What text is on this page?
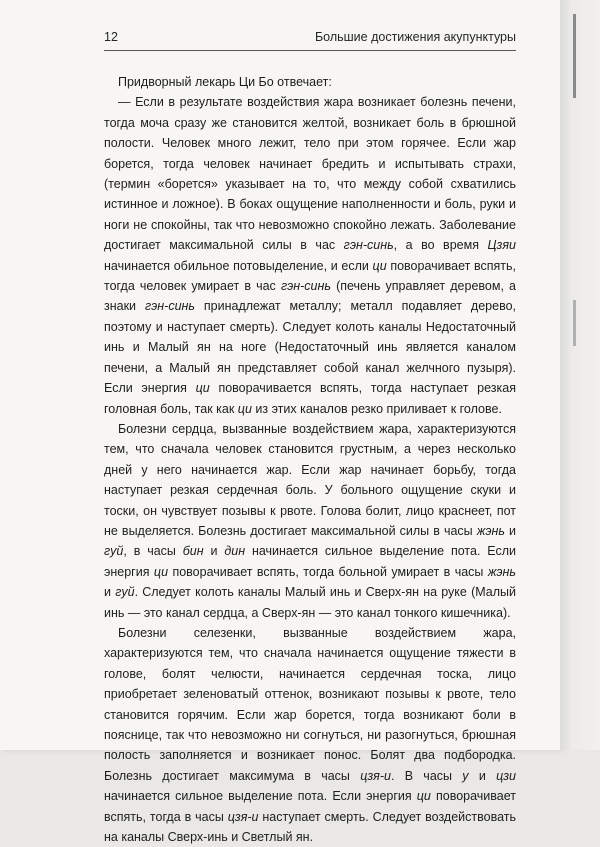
12	Большие достижения акупунктуры

Придворный лекарь Ци Бо отвечает:

— Если в результате воздействия жара возникает болезнь печени, тогда моча сразу же становится желтой, возникает боль в брюшной полости. Человек много лежит, тело при этом горячее. Если жар борется, тогда человек начинает бредить и испытывать страхи, (термин «борется» указывает на то, что между собой схватились истинное и ложное). В боках ощущение наполненности и боль, руки и ноги не спокойны, так что невозможно спокойно лежать. Заболевание достигает максимальной силы в час гэн-синь, а во время Цзяи начинается обильное потовыделение, и если ци поворачивает вспять, тогда человек умирает в час гэн-синь (печень управляет деревом, а знаки гэн-синь принадлежат металлу; металл подавляет дерево, поэтому и наступает смерть). Следует колоть каналы Недостаточный инь и Малый ян на ноге (Недостаточный инь является каналом печени, а Малый ян представляет собой канал желчного пузыря). Если энергия ци поворачивается вспять, тогда наступает резкая головная боль, так как ци из этих каналов резко приливает к голове.

Болезни сердца, вызванные воздействием жара, характеризуются тем, что сначала человек становится грустным, а через несколько дней у него начинается жар. Если жар начинает борьбу, тогда наступает резкая сердечная боль. У больного ощущение скуки и тоски, он чувствует позывы к рвоте. Голова болит, лицо краснеет, пот не выделяется. Болезнь достигает максимальной силы в часы жэнь и гуй, в часы бин и дин начинается сильное выделение пота. Если энергия ци поворачивает вспять, тогда больной умирает в часы жэнь и гуй. Следует колоть каналы Малый инь и Сверх-ян на руке (Малый инь — это канал сердца, а Сверх-ян — это канал тонкого кишечника).

Болезни селезенки, вызванные воздействием жара, характеризуются тем, что сначала начинается ощущение тяжести в голове, болят челюсти, начинается сердечная тоска, лицо приобретает зеленоватый оттенок, возникают позывы к рвоте, тело становится горячим. Если жар борется, тогда возникают боли в пояснице, так что невозможно ни согнуться, ни разогнуться, брюшная полость заполняется и возникает понос. Болят два подбородка. Болезнь достигает максимума в часы цзя-и. В часы у и цзи начинается сильное выделение пота. Если энергия ци поворачивает вспять, тогда в часы цзя-и наступает смерть. Следует воздействовать на каналы Сверх-инь и Светлый ян.
